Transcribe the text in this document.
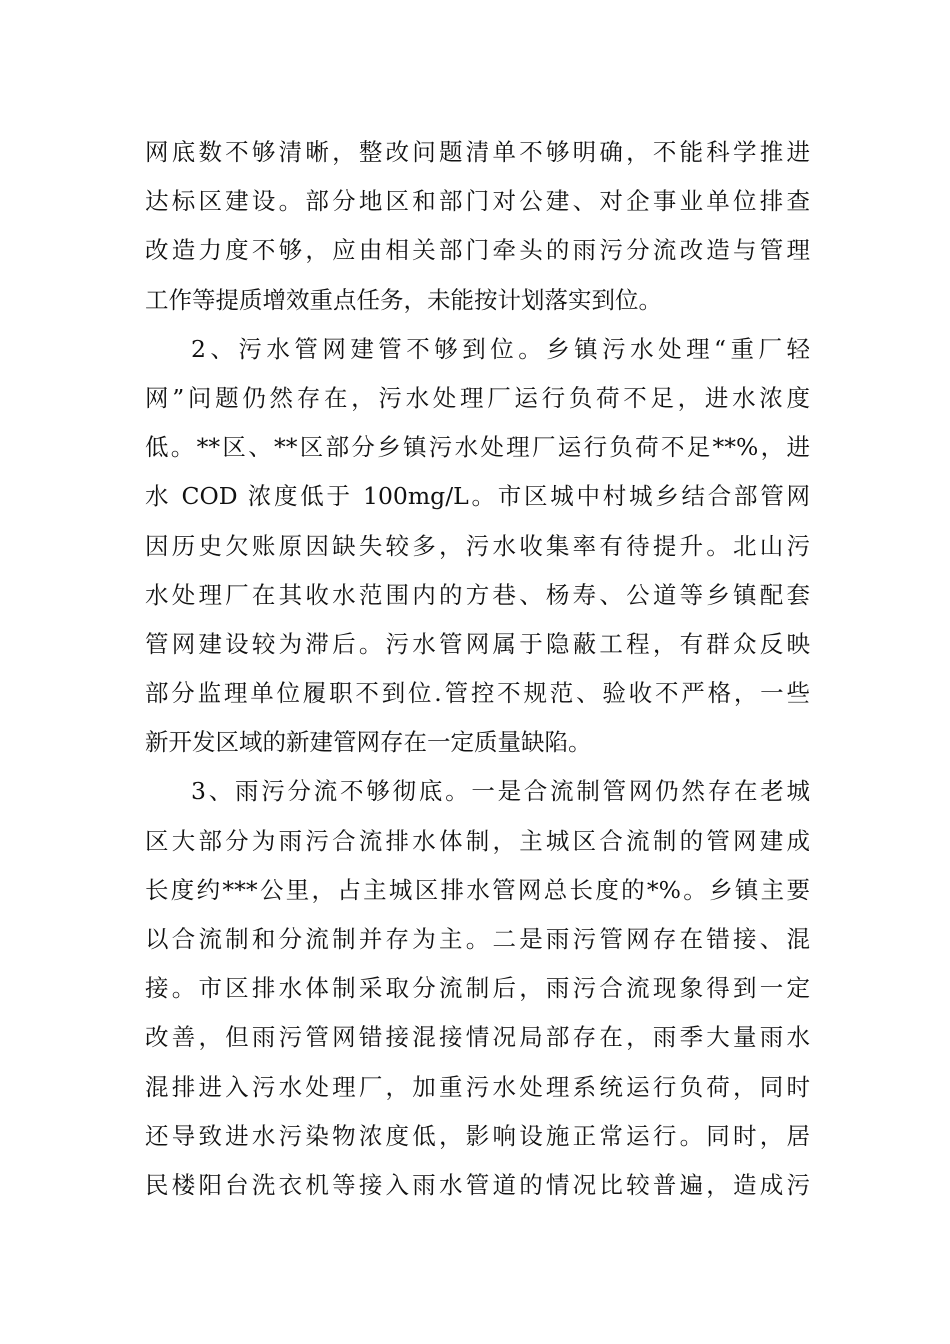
网底数不够清晰，整改问题清单不够明确，不能科学推进
达标区建设。部分地区和部门对公建、对企事业单位排查
改造力度不够，应由相关部门牵头的雨污分流改造与管理
工作等提质增效重点任务，未能按计划落实到位。
2、污水管网建管不够到位。乡镇污水处理“重厂轻
网”问题仍然存在，污水处理厂运行负荷不足，进水浓度
低。**区、**区部分乡镇污水处理厂运行负荷不足**%，进
水 COD 浓度低于 100mg/L。市区城中村城乡结合部管网
因历史欠账原因缺失较多，污水收集率有待提升。北山污
水处理厂在其收水范围内的方巷、杨寿、公道等乡镇配套
管网建设较为滞后。污水管网属于隐蔽工程，有群众反映
部分监理单位履职不到位.管控不规范、验收不严格，一些
新开发区域的新建管网存在一定质量缺陷。
3、雨污分流不够彻底。一是合流制管网仍然存在老城
区大部分为雨污合流排水体制，主城区合流制的管网建成
长度约***公里，占主城区排水管网总长度的*%。乡镇主要
以合流制和分流制并存为主。二是雨污管网存在错接、混
接。市区排水体制采取分流制后，雨污合流现象得到一定
改善，但雨污管网错接混接情况局部存在，雨季大量雨水
混排进入污水处理厂，加重污水处理系统运行负荷，同时
还导致进水污染物浓度低，影响设施正常运行。同时，居
民楼阳台洗衣机等接入雨水管道的情况比较普遍，造成污
